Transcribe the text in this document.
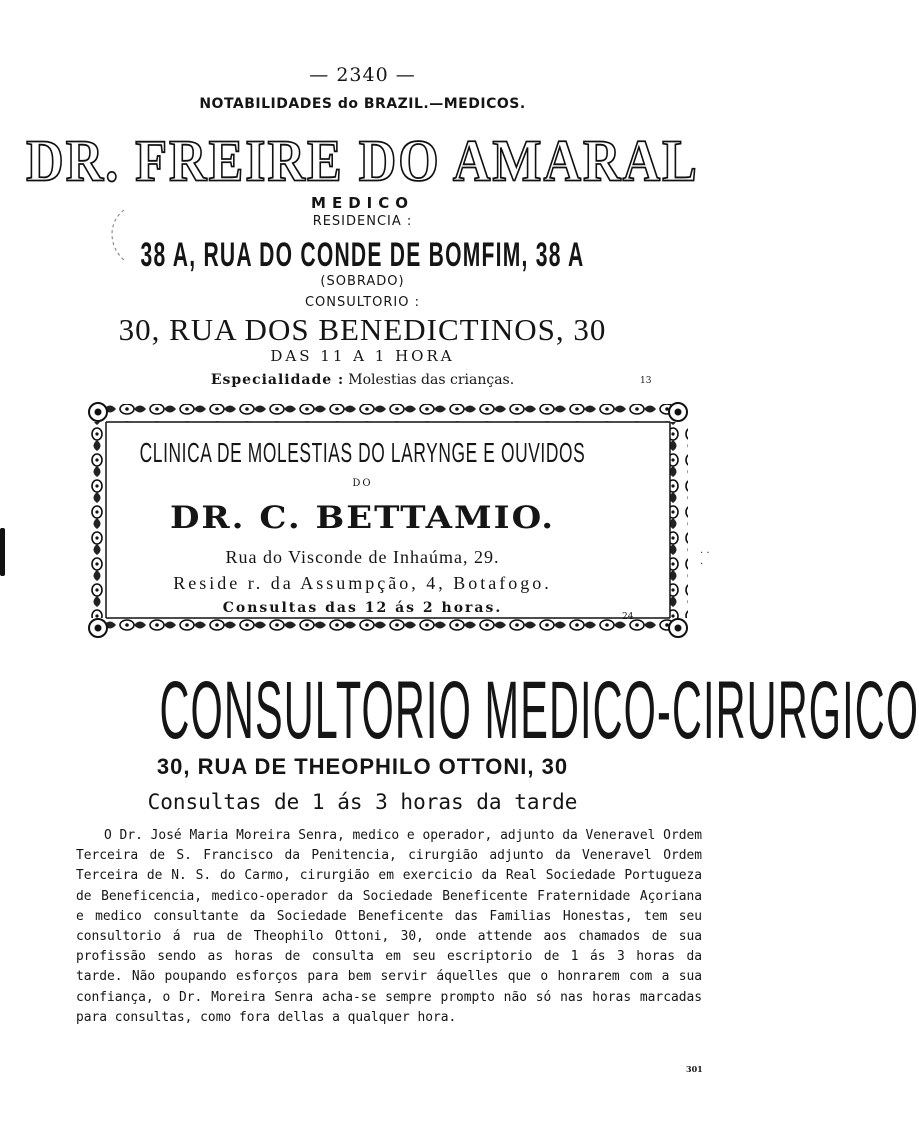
— 2340 —
NOTABILIDADES do BRAZIL.—MEDICOS.
DR. FREIRE DO AMARAL
MEDICO
RESIDENCIA :
38 A, RUA DO CONDE DE BOMFIM, 38 A
(SOBRADO)
CONSULTORIO :
30, RUA DOS BENEDICTINOS, 30
DAS 11 A 1 HORA
Especialidade : Molestias das crianças.	13
· ·
·
CLINICA DE MOLESTIAS DO LARYNGE E OUVIDOS
DO
DR. C. BETTAMIO.
Rua do Visconde de Inhaúma, 29.
Reside r. da Assumpção, 4, Botafogo.
Consultas das 12 ás 2 horas.
24
CONSULTORIO MEDICO-CIRURGICO
30, RUA DE THEOPHILO OTTONI, 30
Consultas de 1 ás 3 horas da tarde

O Dr. José Maria Moreira Senra, medico e operador, adjunto da Veneravel Ordem Terceira de S. Francisco da Penitencia, cirurgião adjunto da Veneravel Ordem Terceira de N. S. do Carmo, cirurgião em exercicio da Real Sociedade Portugueza de Beneficencia, medico-operador da Sociedade Beneficente Fraternidade Açoriana e medico consultante da Sociedade Beneficente das Familias Honestas, tem seu consultorio á rua de Theophilo Ottoni, 30, onde attende aos chamados de sua profissão sendo as horas de consulta em seu escriptorio de 1 ás 3 horas da tarde. Não poupando esforços para bem servir áquelles que o honrarem com a sua confiança, o Dr. Moreira Senra acha-se sempre prompto não só nas horas marcadas para consultas, como fora dellas a qualquer hora.

301
